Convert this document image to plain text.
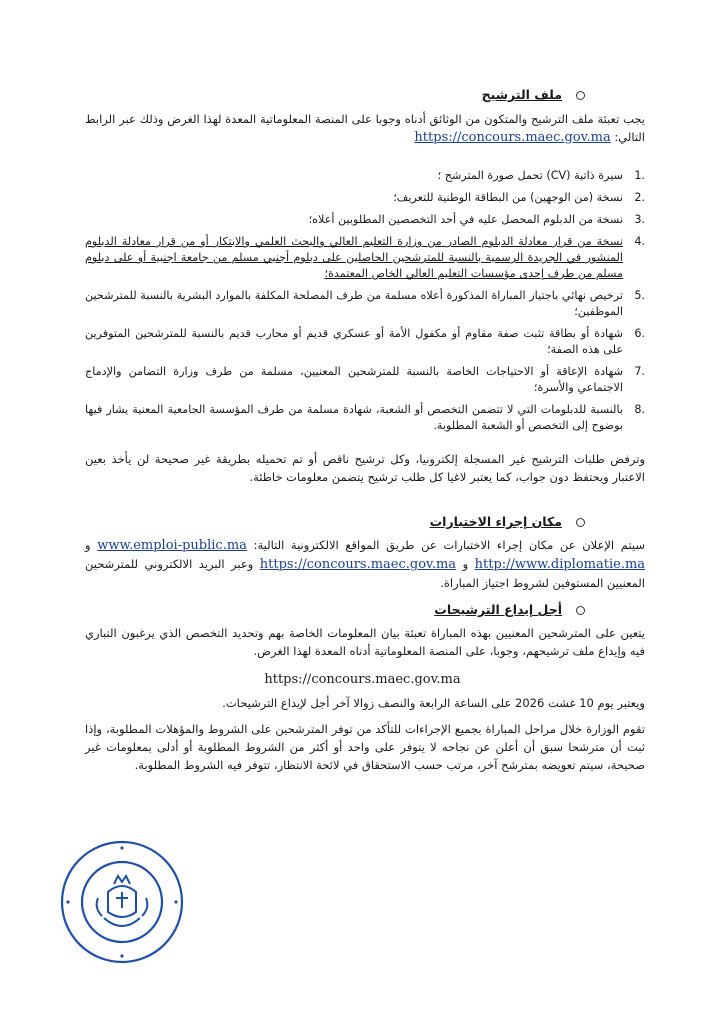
ملف الترشيح
يجب تعبئة ملف الترشيح والمتكون من الوثائق أدناه وجوبا على المنصة المعلوماتية المعدة لهذا الغرض وذلك عبر الرابط التالي: https://concours.maec.gov.ma
1.
سيرة ذاتية (CV) تحمل صورة المترشح ؛
2.
نسخة (من الوجهين) من البطاقة الوطنية للتعريف؛
3.
نسخة من الدبلوم المحصل عليه في أحد التخصصين المطلوبين أعلاه؛
4.
نسخة من قرار معادلة الدبلوم الصادر من وزارة التعليم العالي والبحث العلمي والابتكار أو من قرار معادلة الدبلوم المنشور في الجريدة الرسمية بالنسبة للمترشحين الحاصلين على دبلوم أجنبي مسلم من جامعة اجنبية أو على دبلوم مسلم من طرف إحدى مؤسسات التعليم العالي الخاص المعتمدة؛
5.
ترخيص نهائي باجتياز المباراة المذكورة أعلاه مسلمة من طرف المصلحة المكلفة بالموارد البشرية بالنسبة للمترشحين الموظفين؛
6.
شهادة أو بطاقة تثبت صفة مقاوم أو مكفول الأمة أو عسكري قديم أو محارب قديم بالنسبة للمترشحين المتوفرين على هذه الصفة؛
7.
شهادة الإعاقة أو الاحتياجات الخاصة بالنسبة للمترشحين المعنيين، مسلمة من طرف وزارة التضامن والإدماج الاجتماعي والأسرة؛
8.
بالنسبة للدبلومات التي لا تتضمن التخصص أو الشعبة، شهادة مسلمة من طرف المؤسسة الجامعية المعنية يشار فيها بوضوح إلى التخصص أو الشعبة المطلوبة.
وترفض طلبات الترشيح غير المسجلة إلكترونيا، وكل ترشيح ناقص أو تم تحميله بطريقة غير صحيحة لن يأخذ بعين الاعتبار ويحتفظ دون جواب، كما يعتبر لاغيا كل طلب ترشيح يتضمن معلومات خاطئة.
مكان إجراء الاختبارات
سيتم الإعلان عن مكان إجراء الاختبارات عن طريق المواقع الالكترونية التالية: www.emploi-public.ma و http://www.diplomatie.ma و https://concours.maec.gov.ma وعبر البريد الالكتروني للمترشحين المعنيين المستوفين لشروط اجتياز المباراة.
أجل إيداع الترشيحات
يتعين على المترشحين المعنيين بهذه المباراة تعبئة بيان المعلومات الخاصة بهم وتحديد التخصص الذي يرغبون التباري فيه وإيداع ملف ترشيحهم، وجوبا، على المنصة المعلوماتية أدناه المعدة لهذا الغرض.
https://concours.maec.gov.ma
ويعتبر يوم 10 غشت 2026 على الساعة الرابعة والنصف زوالا آخر أجل لإيداع الترشيحات.
تقوم الوزارة خلال مراحل المباراة بجميع الإجراءات للتأكد من توفر المترشحين على الشروط والمؤهلات المطلوبة، وإذا ثبت أن مترشحا سبق أن أعلن عن نجاحه لا يتوفر على واحد أو أكثر من الشروط المطلوبة أو أدلى بمعلومات غير صحيحة، سيتم تعويضه بمترشح آخر، مرتب حسب الاستحقاق في لائحة الانتظار، تتوفر فيه الشروط المطلوبة.
